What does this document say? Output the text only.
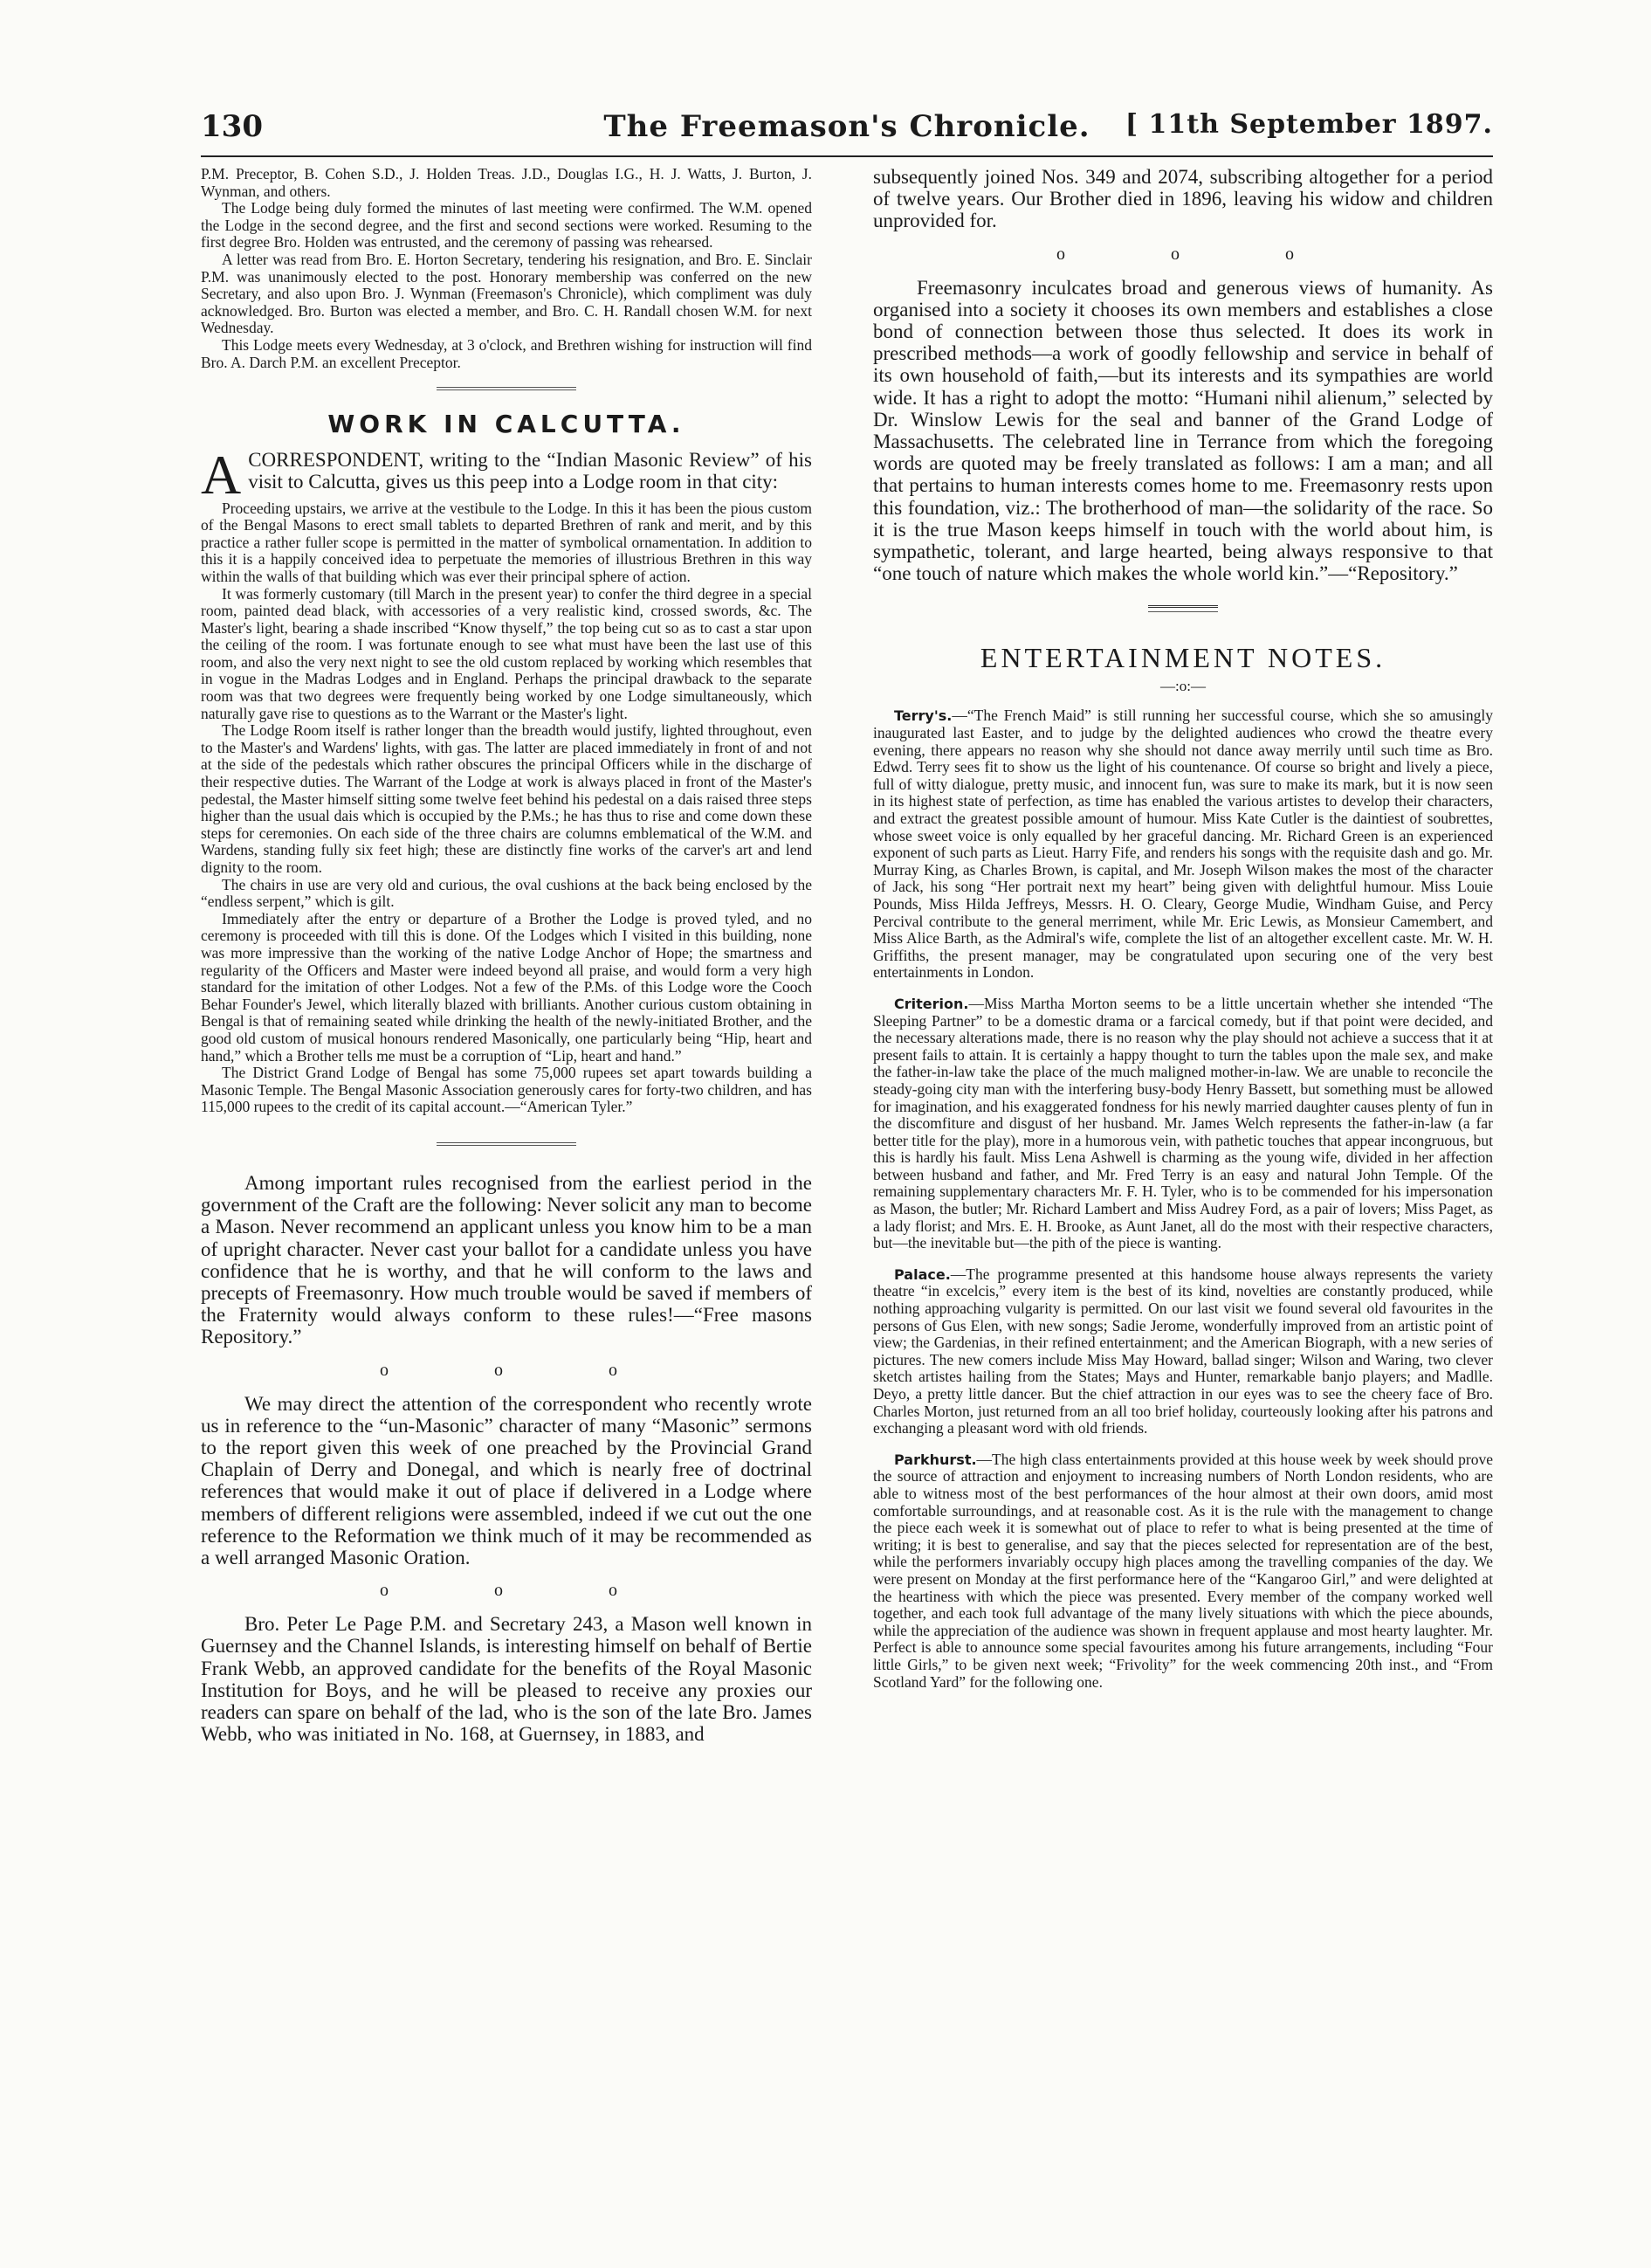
130	The Freemason's Chronicle.	[ 11th September 1897.

P.M. Preceptor, B. Cohen S.D., J. Holden Treas. J.D., Douglas I.G., H. J. Watts, J. Burton, J. Wynman, and others.

The Lodge being duly formed the minutes of last meeting were confirmed. The W.M. opened the Lodge in the second degree, and the first and second sections were worked. Resuming to the first degree Bro. Holden was entrusted, and the ceremony of passing was rehearsed.

A letter was read from Bro. E. Horton Secretary, tendering his resignation, and Bro. E. Sinclair P.M. was unanimously elected to the post. Honorary membership was conferred on the new Secretary, and also upon Bro. J. Wynman (Freemason's Chronicle), which compliment was duly acknowledged. Bro. Burton was elected a member, and Bro. C. H. Randall chosen W.M. for next Wednesday.

This Lodge meets every Wednesday, at 3 o'clock, and Brethren wishing for instruction will find Bro. A. Darch P.M. an excellent Preceptor.

WORK IN CALCUTTA.
A CORRESPONDENT, writing to the “Indian Masonic Review” of his visit to Calcutta, gives us this peep into a Lodge room in that city:

Proceeding upstairs, we arrive at the vestibule to the Lodge. In this it has been the pious custom of the Bengal Masons to erect small tablets to departed Brethren of rank and merit, and by this practice a rather fuller scope is permitted in the matter of symbolical ornamentation. In addition to this it is a happily conceived idea to perpetuate the memories of illustrious Brethren in this way within the walls of that building which was ever their principal sphere of action.

It was formerly customary (till March in the present year) to confer the third degree in a special room, painted dead black, with accessories of a very realistic kind, crossed swords, &c. The Master's light, bearing a shade inscribed “Know thyself,” the top being cut so as to cast a star upon the ceiling of the room. I was fortunate enough to see what must have been the last use of this room, and also the very next night to see the old custom replaced by working which resembles that in vogue in the Madras Lodges and in England. Perhaps the principal drawback to the separate room was that two degrees were frequently being worked by one Lodge simultaneously, which naturally gave rise to questions as to the Warrant or the Master's light.

The Lodge Room itself is rather longer than the breadth would justify, lighted throughout, even to the Master's and Wardens' lights, with gas. The latter are placed immediately in front of and not at the side of the pedestals which rather obscures the principal Officers while in the discharge of their respective duties. The Warrant of the Lodge at work is always placed in front of the Master's pedestal, the Master himself sitting some twelve feet behind his pedestal on a dais raised three steps higher than the usual dais which is occupied by the P.Ms.; he has thus to rise and come down these steps for ceremonies. On each side of the three chairs are columns emblematical of the W.M. and Wardens, standing fully six feet high; these are distinctly fine works of the carver's art and lend dignity to the room.

The chairs in use are very old and curious, the oval cushions at the back being enclosed by the “endless serpent,” which is gilt.

Immediately after the entry or departure of a Brother the Lodge is proved tyled, and no ceremony is proceeded with till this is done. Of the Lodges which I visited in this building, none was more impressive than the working of the native Lodge Anchor of Hope; the smartness and regularity of the Officers and Master were indeed beyond all praise, and would form a very high standard for the imitation of other Lodges. Not a few of the P.Ms. of this Lodge wore the Cooch Behar Founder's Jewel, which literally blazed with brilliants. Another curious custom obtaining in Bengal is that of remaining seated while drinking the health of the newly-initiated Brother, and the good old custom of musical honours rendered Masonically, one particularly being “Hip, heart and hand,” which a Brother tells me must be a corruption of “Lip, heart and hand.”

The District Grand Lodge of Bengal has some 75,000 rupees set apart towards building a Masonic Temple. The Bengal Masonic Association generously cares for forty-two children, and has 115,000 rupees to the credit of its capital account.—“American Tyler.”

Among important rules recognised from the earliest period in the government of the Craft are the following: Never solicit any man to become a Mason. Never recommend an applicant unless you know him to be a man of upright character. Never cast your ballot for a candidate unless you have confidence that he is worthy, and that he will conform to the laws and precepts of Freemasonry. How much trouble would be saved if members of the Fraternity would always conform to these rules!—“Free masons Repository.”

o o o

We may direct the attention of the correspondent who recently wrote us in reference to the “un-Masonic” character of many “Masonic” sermons to the report given this week of one preached by the Provincial Grand Chaplain of Derry and Donegal, and which is nearly free of doctrinal references that would make it out of place if delivered in a Lodge where members of different religions were assembled, indeed if we cut out the one reference to the Reformation we think much of it may be recommended as a well arranged Masonic Oration.

o o o

Bro. Peter Le Page P.M. and Secretary 243, a Mason well known in Guernsey and the Channel Islands, is interesting himself on behalf of Bertie Frank Webb, an approved candidate for the benefits of the Royal Masonic Institution for Boys, and he will be pleased to receive any proxies our readers can spare on behalf of the lad, who is the son of the late Bro. James Webb, who was initiated in No. 168, at Guernsey, in 1883, and

subsequently joined Nos. 349 and 2074, subscribing altogether for a period of twelve years. Our Brother died in 1896, leaving his widow and children unprovided for.

o o o

Freemasonry inculcates broad and generous views of humanity. As organised into a society it chooses its own members and establishes a close bond of connection between those thus selected. It does its work in prescribed methods—a work of goodly fellowship and service in behalf of its own household of faith,—but its interests and its sympathies are world wide. It has a right to adopt the motto: “Humani nihil alienum,” selected by Dr. Winslow Lewis for the seal and banner of the Grand Lodge of Massachusetts. The celebrated line in Terrance from which the foregoing words are quoted may be freely translated as follows: I am a man; and all that pertains to human interests comes home to me. Freemasonry rests upon this foundation, viz.: The brotherhood of man—the solidarity of the race. So it is the true Mason keeps himself in touch with the world about him, is sympathetic, tolerant, and large hearted, being always responsive to that “one touch of nature which makes the whole world kin.”—“Repository.”

ENTERTAINMENT NOTES.
—:o:—

Terry's.—“The French Maid” is still running her successful course, which she so amusingly inaugurated last Easter, and to judge by the delighted audiences who crowd the theatre every evening, there appears no reason why she should not dance away merrily until such time as Bro. Edwd. Terry sees fit to show us the light of his countenance. Of course so bright and lively a piece, full of witty dialogue, pretty music, and innocent fun, was sure to make its mark, but it is now seen in its highest state of perfection, as time has enabled the various artistes to develop their characters, and extract the greatest possible amount of humour. Miss Kate Cutler is the daintiest of soubrettes, whose sweet voice is only equalled by her graceful dancing. Mr. Richard Green is an experienced exponent of such parts as Lieut. Harry Fife, and renders his songs with the requisite dash and go. Mr. Murray King, as Charles Brown, is capital, and Mr. Joseph Wilson makes the most of the character of Jack, his song “Her portrait next my heart” being given with delightful humour. Miss Louie Pounds, Miss Hilda Jeffreys, Messrs. H. O. Cleary, George Mudie, Windham Guise, and Percy Percival contribute to the general merriment, while Mr. Eric Lewis, as Monsieur Camembert, and Miss Alice Barth, as the Admiral's wife, complete the list of an altogether excellent caste. Mr. W. H. Griffiths, the present manager, may be congratulated upon securing one of the very best entertainments in London.

Criterion.—Miss Martha Morton seems to be a little uncertain whether she intended “The Sleeping Partner” to be a domestic drama or a farcical comedy, but if that point were decided, and the necessary alterations made, there is no reason why the play should not achieve a success that it at present fails to attain. It is certainly a happy thought to turn the tables upon the male sex, and make the father-in-law take the place of the much maligned mother-in-law. We are unable to reconcile the steady-going city man with the interfering busy-body Henry Bassett, but something must be allowed for imagination, and his exaggerated fondness for his newly married daughter causes plenty of fun in the discomfiture and disgust of her husband. Mr. James Welch represents the father-in-law (a far better title for the play), more in a humorous vein, with pathetic touches that appear incongruous, but this is hardly his fault. Miss Lena Ashwell is charming as the young wife, divided in her affection between husband and father, and Mr. Fred Terry is an easy and natural John Temple. Of the remaining supplementary characters Mr. F. H. Tyler, who is to be commended for his impersonation as Mason, the butler; Mr. Richard Lambert and Miss Audrey Ford, as a pair of lovers; Miss Paget, as a lady florist; and Mrs. E. H. Brooke, as Aunt Janet, all do the most with their respective characters, but—the inevitable but—the pith of the piece is wanting.

Palace.—The programme presented at this handsome house always represents the variety theatre “in excelcis,” every item is the best of its kind, novelties are constantly produced, while nothing approaching vulgarity is permitted. On our last visit we found several old favourites in the persons of Gus Elen, with new songs; Sadie Jerome, wonderfully improved from an artistic point of view; the Gardenias, in their refined entertainment; and the American Biograph, with a new series of pictures. The new comers include Miss May Howard, ballad singer; Wilson and Waring, two clever sketch artistes hailing from the States; Mays and Hunter, remarkable banjo players; and Madlle. Deyo, a pretty little dancer. But the chief attraction in our eyes was to see the cheery face of Bro. Charles Morton, just returned from an all too brief holiday, courteously looking after his patrons and exchanging a pleasant word with old friends.

Parkhurst.—The high class entertainments provided at this house week by week should prove the source of attraction and enjoyment to increasing numbers of North London residents, who are able to witness most of the best performances of the hour almost at their own doors, amid most comfortable surroundings, and at reasonable cost. As it is the rule with the management to change the piece each week it is somewhat out of place to refer to what is being presented at the time of writing; it is best to generalise, and say that the pieces selected for representation are of the best, while the performers invariably occupy high places among the travelling companies of the day. We were present on Monday at the first performance here of the “Kangaroo Girl,” and were delighted at the heartiness with which the piece was presented. Every member of the company worked well together, and each took full advantage of the many lively situations with which the piece abounds, while the appreciation of the audience was shown in frequent applause and most hearty laughter. Mr. Perfect is able to announce some special favourites among his future arrangements, including “Four little Girls,” to be given next week; “Frivolity” for the week commencing 20th inst., and “From Scotland Yard” for the following one.
